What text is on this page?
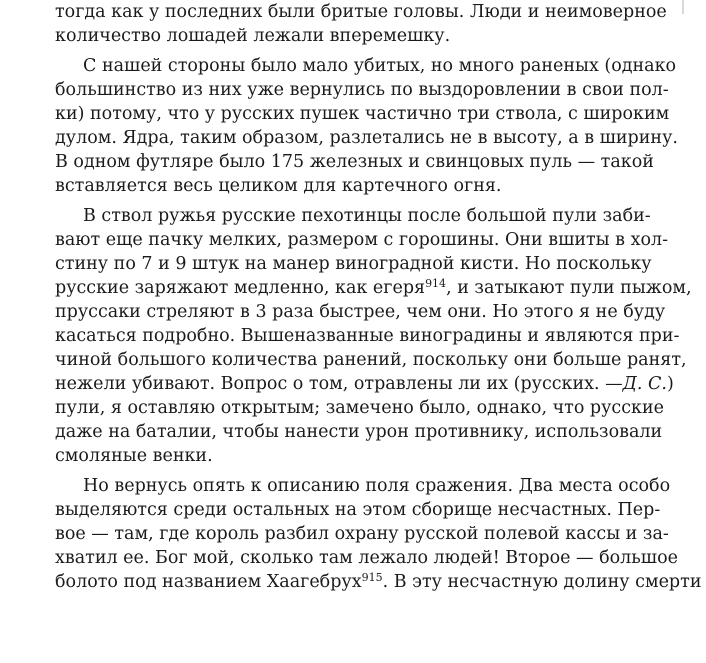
тогда как у последних были бритые головы. Люди и неимоверное
количество лошадей лежали вперемешку.
С нашей стороны было мало убитых, но много раненых (однако
большинство из них уже вернулись по выздоровлении в свои пол-
ки) потому, что у русских пушек частично три ствола, с широким
дулом. Ядра, таким образом, разлетались не в высоту, а в ширину.
В одном футляре было 175 железных и свинцовых пуль — такой
вставляется весь целиком для картечного огня.
В ствол ружья русские пехотинцы после большой пули заби-
вают еще пачку мелких, размером с горошины. Они вшиты в хол-
стину по 7 и 9 штук на манер виноградной кисти. Но поскольку
русские заряжают медленно, как егеря$^{914}$, и затыкают пули пыжом,
пруссаки стреляют в 3 раза быстрее, чем они. Но этого я не буду
касаться подробно. Вышеназванные виноградины и являются при-
чиной большого количества ранений, поскольку они больше ранят,
нежели убивают. Вопрос о том, отравлены ли их (русских. —Д. С.)
пули, я оставляю открытым; замечено было, однако, что русские
даже на баталии, чтобы нанести урон противнику, использовали
смоляные венки.
Но вернусь опять к описанию поля сражения. Два места особо
выделяются среди остальных на этом сборище несчастных. Пер-
вое — там, где король разбил охрану русской полевой кассы и за-
хватил ее. Бог мой, сколько там лежало людей! Второе — большое
болото под названием Хаагебрух$^{915}$. В эту несчастную долину смерти
